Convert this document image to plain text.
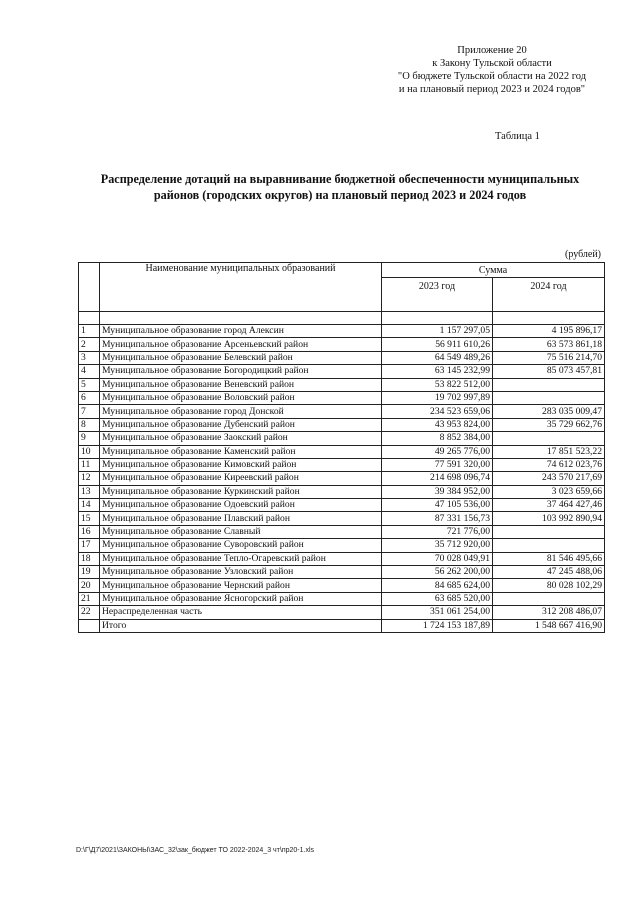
Приложение 20
к Закону Тульской области
"О бюджете Тульской области на 2022 год
и на плановый период 2023 и 2024 годов"
Таблица 1
Распределение дотаций на выравнивание бюджетной обеспеченности муниципальных
районов (городских округов) на плановый период 2023 и 2024 годов
(рублей)
	Наименование муниципальных образований	Сумма	
		2023 год	2024 год

1	Муниципальное образование город Алексин	1 157 297,05	4 195 896,17
2	Муниципальное образование Арсеньевский район	56 911 610,26	63 573 861,18
3	Муниципальное образование Белевский район	64 549 489,26	75 516 214,70
4	Муниципальное образование Богородицкий район	63 145 232,99	85 073 457,81
5	Муниципальное образование Веневский район	53 822 512,00	
6	Муниципальное образование Воловский район	19 702 997,89	
7	Муниципальное образование город Донской	234 523 659,06	283 035 009,47
8	Муниципальное образование Дубенский район	43 953 824,00	35 729 662,76
9	Муниципальное образование Заокский район	8 852 384,00	
10	Муниципальное образование Каменский район	49 265 776,00	17 851 523,22
11	Муниципальное образование Кимовский район	77 591 320,00	74 612 023,76
12	Муниципальное образование Киреевский район	214 698 096,74	243 570 217,69
13	Муниципальное образование Куркинский район	39 384 952,00	3 023 659,66
14	Муниципальное образование Одоевский район	47 105 536,00	37 464 427,46
15	Муниципальное образование Плавский район	87 331 156,73	103 992 890,94
16	Муниципальное образование Славный	721 776,00	
17	Муниципальное образование Суворовский район	35 712 920,00	
18	Муниципальное образование Тепло-Огаревский район	70 028 049,91	81 546 495,66
19	Муниципальное образование Узловский район	56 262 200,00	47 245 488,06
20	Муниципальное образование Чернский район	84 685 624,00	80 028 102,29
21	Муниципальное образование Ясногорский район	63 685 520,00	
22	Нераспределенная часть	351 061 254,00	312 208 486,07
	Итого	1 724 153 187,89	1 548 667 416,90
D:\Г\Д7\2021\ЗАКОНЫ\ЗАС_32\зак_бюджет ТО 2022-2024_3 чт\пр20-1.xls
